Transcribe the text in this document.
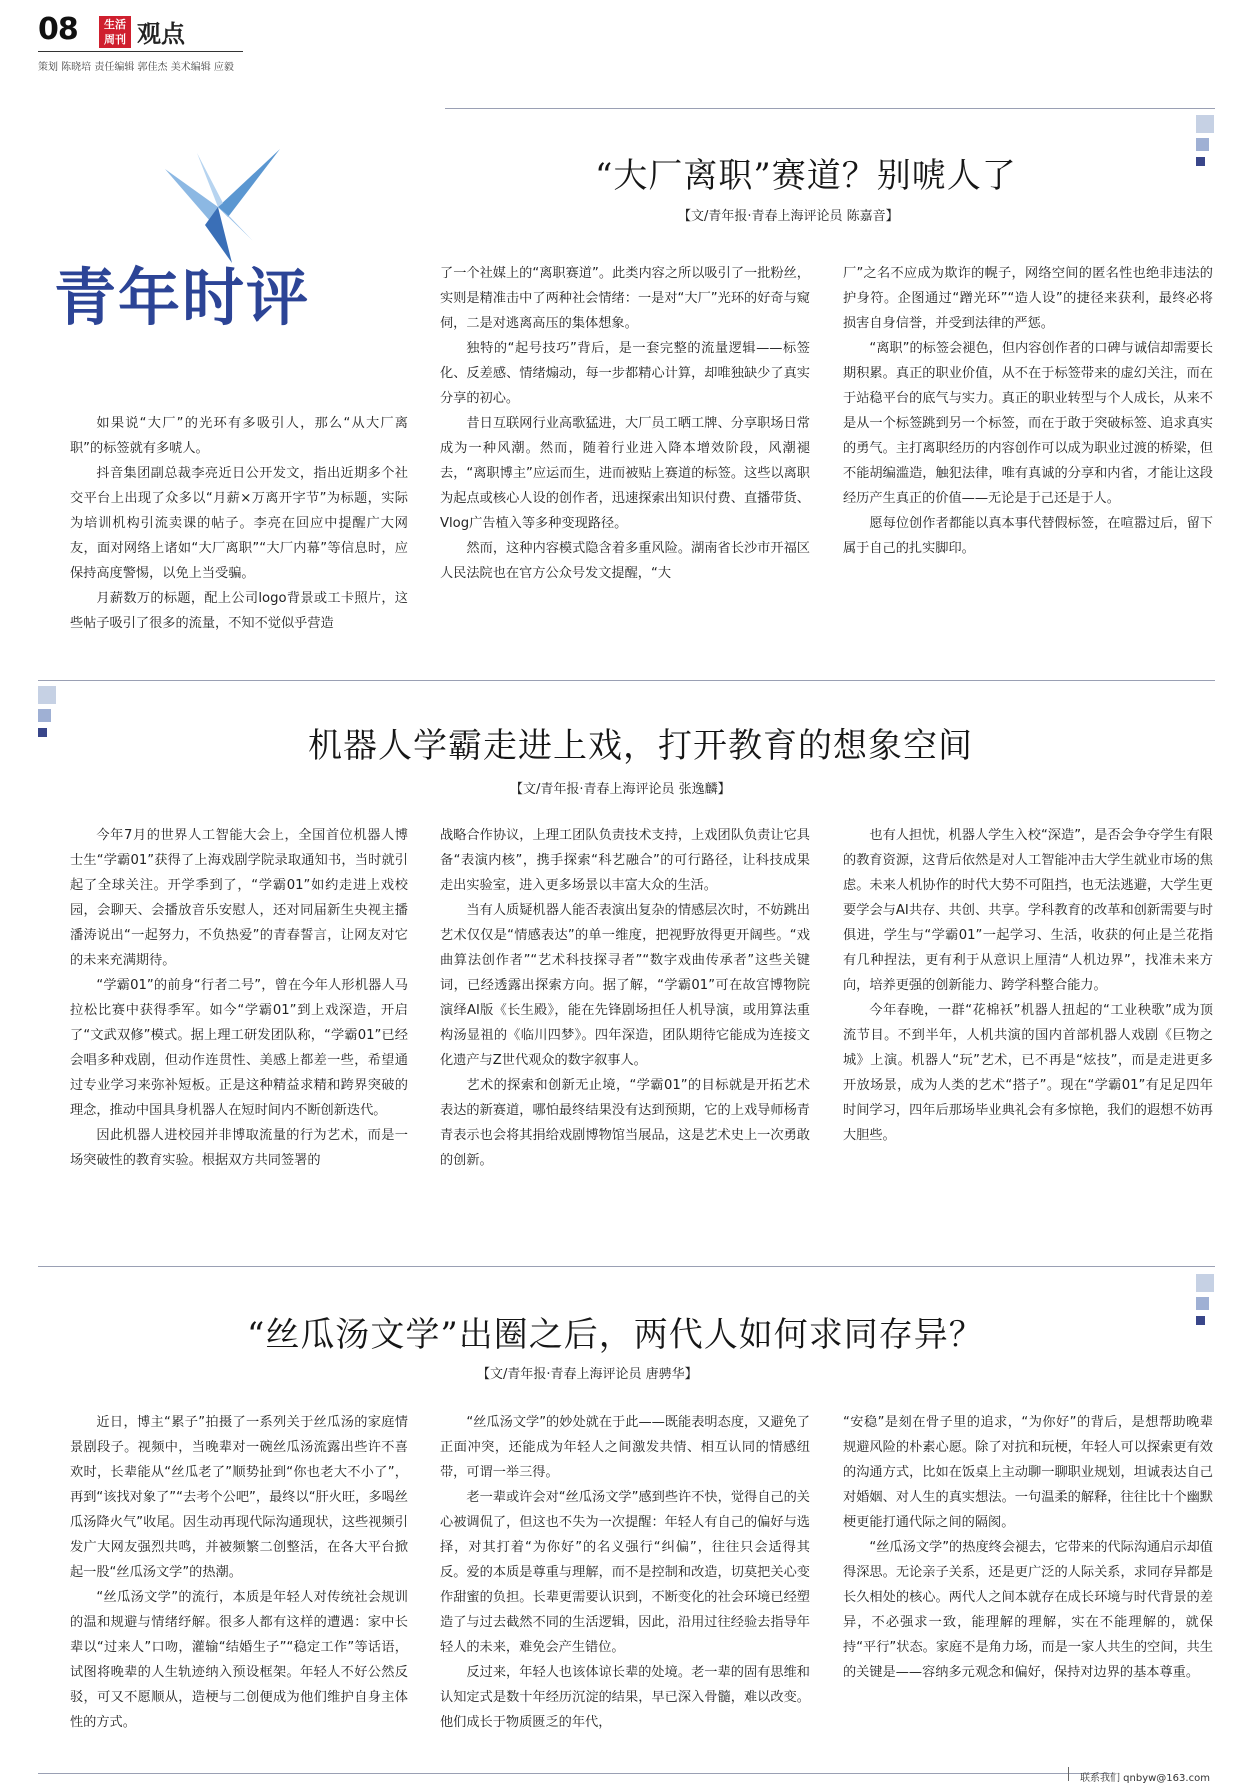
08	生活周刊 观点
策划 陈晓培 责任编辑 郭佳杰 美术编辑 应毅
青年时评
“大厂离职”赛道？别唬人了
【文/青年报·青春上海评论员 陈嘉音】

如果说“大厂”的光环有多吸引人，那么“从大厂离职”的标签就有多唬人。

抖音集团副总裁李亮近日公开发文，指出近期多个社交平台上出现了众多以“月薪×万离开字节”为标题，实际为培训机构引流卖课的帖子。李亮在回应中提醒广大网友，面对网络上诸如“大厂离职”“大厂内幕”等信息时，应保持高度警惕，以免上当受骗。

月薪数万的标题，配上公司logo背景或工卡照片，这些帖子吸引了很多的流量，不知不觉似乎营造

了一个社媒上的“离职赛道”。此类内容之所以吸引了一批粉丝，实则是精准击中了两种社会情绪：一是对“大厂”光环的好奇与窥伺，二是对逃离高压的集体想象。

独特的“起号技巧”背后，是一套完整的流量逻辑——标签化、反差感、情绪煽动，每一步都精心计算，却唯独缺少了真实分享的初心。

昔日互联网行业高歌猛进，大厂员工晒工牌、分享职场日常成为一种风潮。然而，随着行业进入降本增效阶段，风潮褪去，“离职博主”应运而生，进而被贴上赛道的标签。这些以离职为起点或核心人设的创作者，迅速探索出知识付费、直播带货、Vlog广告植入等多种变现路径。

然而，这种内容模式隐含着多重风险。湖南省长沙市开福区人民法院也在官方公众号发文提醒，“大

厂”之名不应成为欺诈的幌子，网络空间的匿名性也绝非违法的护身符。企图通过“蹭光环”“造人设”的捷径来获利，最终必将损害自身信誉，并受到法律的严惩。

“离职”的标签会褪色，但内容创作者的口碑与诚信却需要长期积累。真正的职业价值，从不在于标签带来的虚幻关注，而在于站稳平台的底气与实力。真正的职业转型与个人成长，从来不是从一个标签跳到另一个标签，而在于敢于突破标签、追求真实的勇气。主打离职经历的内容创作可以成为职业过渡的桥梁，但不能胡编滥造，触犯法律，唯有真诚的分享和内省，才能让这段经历产生真正的价值——无论是于己还是于人。

愿每位创作者都能以真本事代替假标签，在喧嚣过后，留下属于自己的扎实脚印。

机器人学霸走进上戏，打开教育的想象空间
【文/青年报·青春上海评论员 张逸麟】

今年7月的世界人工智能大会上，全国首位机器人博士生“学霸01”获得了上海戏剧学院录取通知书，当时就引起了全球关注。开学季到了，“学霸01”如约走进上戏校园，会聊天、会播放音乐安慰人，还对同届新生央视主播潘涛说出“一起努力，不负热爱”的青春誓言，让网友对它的未来充满期待。

“学霸01”的前身“行者二号”，曾在今年人形机器人马拉松比赛中获得季军。如今“学霸01”到上戏深造，开启了“文武双修”模式。据上理工研发团队称，“学霸01”已经会唱多种戏剧，但动作连贯性、美感上都差一些，希望通过专业学习来弥补短板。正是这种精益求精和跨界突破的理念，推动中国具身机器人在短时间内不断创新迭代。

因此机器人进校园并非博取流量的行为艺术，而是一场突破性的教育实验。根据双方共同签署的

战略合作协议，上理工团队负责技术支持，上戏团队负责让它具备“表演内核”，携手探索“科艺融合”的可行路径，让科技成果走出实验室，进入更多场景以丰富大众的生活。

当有人质疑机器人能否表演出复杂的情感层次时，不妨跳出艺术仅仅是“情感表达”的单一维度，把视野放得更开阔些。“戏曲算法创作者”“艺术科技探寻者”“数字戏曲传承者”这些关键词，已经透露出探索方向。据了解，“学霸01”可在故宫博物院演绎AI版《长生殿》，能在先锋剧场担任人机导演，或用算法重构汤显祖的《临川四梦》。四年深造，团队期待它能成为连接文化遗产与Z世代观众的数字叙事人。

艺术的探索和创新无止境，“学霸01”的目标就是开拓艺术表达的新赛道，哪怕最终结果没有达到预期，它的上戏导师杨青青表示也会将其捐给戏剧博物馆当展品，这是艺术史上一次勇敢的创新。

也有人担忧，机器人学生入校“深造”，是否会争夺学生有限的教育资源，这背后依然是对人工智能冲击大学生就业市场的焦虑。未来人机协作的时代大势不可阻挡，也无法逃避，大学生更要学会与AI共存、共创、共享。学科教育的改革和创新需要与时俱进，学生与“学霸01”一起学习、生活，收获的何止是兰花指有几种捏法，更有利于从意识上厘清“人机边界”，找准未来方向，培养更强的创新能力、跨学科整合能力。

今年春晚，一群“花棉袄”机器人扭起的“工业秧歌”成为顶流节目。不到半年，人机共演的国内首部机器人戏剧《巨物之城》上演。机器人“玩”艺术，已不再是“炫技”，而是走进更多开放场景，成为人类的艺术“搭子”。现在“学霸01”有足足四年时间学习，四年后那场毕业典礼会有多惊艳，我们的遐想不妨再大胆些。

“丝瓜汤文学”出圈之后，两代人如何求同存异？
【文/青年报·青春上海评论员 唐骋华】

近日，博主“累子”拍摄了一系列关于丝瓜汤的家庭情景剧段子。视频中，当晚辈对一碗丝瓜汤流露出些许不喜欢时，长辈能从“丝瓜老了”顺势扯到“你也老大不小了”，再到“该找对象了”“去考个公吧”，最终以“肝火旺，多喝丝瓜汤降火气”收尾。因生动再现代际沟通现状，这些视频引发广大网友强烈共鸣，并被频繁二创整活，在各大平台掀起一股“丝瓜汤文学”的热潮。

“丝瓜汤文学”的流行，本质是年轻人对传统社会规训的温和规避与情绪纾解。很多人都有这样的遭遇：家中长辈以“过来人”口吻，灌输“结婚生子”“稳定工作”等话语，试图将晚辈的人生轨迹纳入预设框架。年轻人不好公然反驳，可又不愿顺从，造梗与二创便成为他们维护自身主体性的方式。

“丝瓜汤文学”的妙处就在于此——既能表明态度，又避免了正面冲突，还能成为年轻人之间激发共情、相互认同的情感纽带，可谓一举三得。

老一辈或许会对“丝瓜汤文学”感到些许不快，觉得自己的关心被调侃了，但这也不失为一次提醒：年轻人有自己的偏好与选择，对其打着“为你好”的名义强行“纠偏”，往往只会适得其反。爱的本质是尊重与理解，而不是控制和改造，切莫把关心变作甜蜜的负担。长辈更需要认识到，不断变化的社会环境已经塑造了与过去截然不同的生活逻辑，因此，沿用过往经验去指导年轻人的未来，难免会产生错位。

反过来，年轻人也该体谅长辈的处境。老一辈的固有思维和认知定式是数十年经历沉淀的结果，早已深入骨髓，难以改变。他们成长于物质匮乏的年代，

“安稳”是刻在骨子里的追求，“为你好”的背后，是想帮助晚辈规避风险的朴素心愿。除了对抗和玩梗，年轻人可以探索更有效的沟通方式，比如在饭桌上主动聊一聊职业规划，坦诚表达自己对婚姻、对人生的真实想法。一句温柔的解释，往往比十个幽默梗更能打通代际之间的隔阂。

“丝瓜汤文学”的热度终会褪去，它带来的代际沟通启示却值得深思。无论亲子关系，还是更广泛的人际关系，求同存异都是长久相处的核心。两代人之间本就存在成长环境与时代背景的差异，不必强求一致，能理解的理解，实在不能理解的，就保持“平行”状态。家庭不是角力场，而是一家人共生的空间，共生的关键是——容纳多元观念和偏好，保持对边界的基本尊重。

联系我们 qnbyw@163.com
